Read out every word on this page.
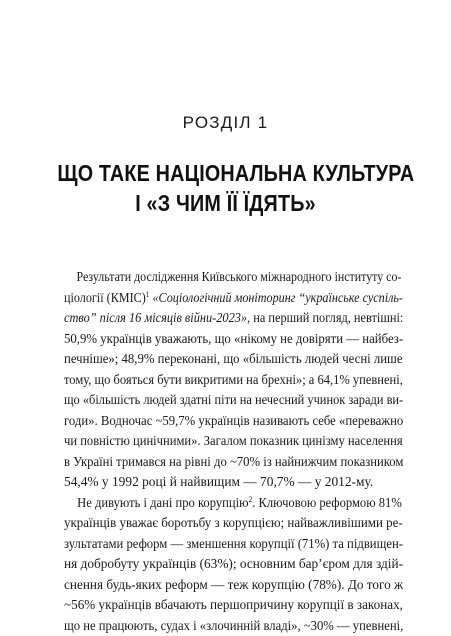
РОЗДІЛ 1
ЩО ТАКЕ НАЦІОНАЛЬНА КУЛЬТУРА
І «З ЧИМ ЇЇ ЇДЯТЬ»
Результати дослідження Київського міжнародного інституту со-
ціології (КМІС)$^1$ «Соціологічний моніторинг “українське суспіль-
ство” після 16 місяців війни-2023», на перший погляд, невтішні:
50,9% українців уважають, що «нікому не довіряти — найбез-
печніше»; 48,9% переконані, що «більшість людей чесні лише
тому, що бояться бути викритими на брехні»; а 64,1% упевнені,
що «більшість людей здатні піти на нечесний учинок заради ви-
годи». Водночас ~59,7% українців називають себе «переважно
чи повністю цинічними». Загалом показник цинізму населення
в Україні тримався на рівні до ~70% із найнижчим показником
54,4% у 1992 році й найвищим — 70,7% — у 2012-му.
Не дивують і дані про корупцію$^2$. Ключовою реформою 81%
українців уважає боротьбу з корупцією; найважливішими ре-
зультатами реформ — зменшення корупції (71%) та підвищен-
ня добробуту українців (63%); основним бар’єром для здій-
снення будь-яких реформ — теж корупцію (78%). До того ж
~56% українців вбачають першопричину корупції в законах,
що не працюють, судах і «злочинній владі», ~30% — упевнені,
